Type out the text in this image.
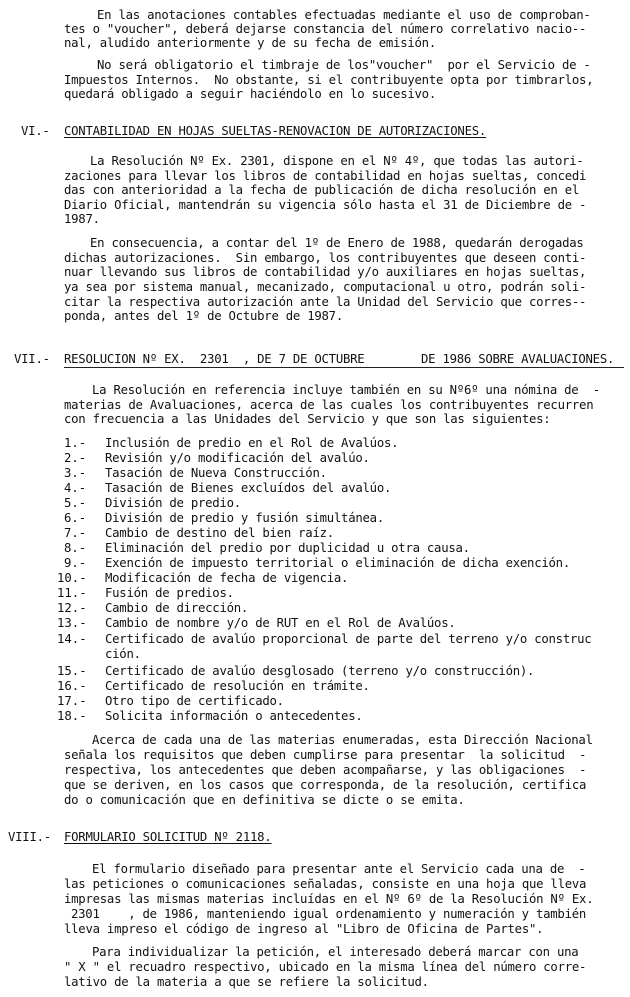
En las anotaciones contables efectuadas mediante el uso de comproban-
tes o "voucher", deberá dejarse constancia del número correlativo nacio--
nal, aludido anteriormente y de su fecha de emisión.
No será obligatorio el timbraje de los"voucher"  por el Servicio de -
Impuestos Internos.  No obstante, si el contribuyente opta por timbrarlos,
quedará obligado a seguir haciéndolo en lo sucesivo.
VI.- CONTABILIDAD EN HOJAS SUELTAS-RENOVACION DE AUTORIZACIONES.
La Resolución Nº Ex. 2301, dispone en el Nº 4º, que todas las autori-
zaciones para llevar los libros de contabilidad en hojas sueltas, concedi
das con anterioridad a la fecha de publicación de dicha resolución en el
Diario Oficial, mantendrán su vigencia sólo hasta el 31 de Diciembre de -
1987.
En consecuencia, a contar del 1º de Enero de 1988, quedarán derogadas
dichas autorizaciones.  Sin embargo, los contribuyentes que deseen conti-
nuar llevando sus libros de contabilidad y/o auxiliares en hojas sueltas,
ya sea por sistema manual, mecanizado, computacional u otro, podrán soli-
citar la respectiva autorización ante la Unidad del Servicio que corres--
ponda, antes del 1º de Octubre de 1987.
VII.- RESOLUCION Nº EX.  2301  , DE 7 DE OCTUBRE	DE 1986 SOBRE AVALUACIONES.
La Resolución en referencia incluye también en su Nº6º una nómina de  -
materias de Avaluaciones, acerca de las cuales los contribuyentes recurren
con frecuencia a las Unidades del Servicio y que son las siguientes:
1.- Inclusión de predio en el Rol de Avalúos.
2.- Revisión y/o modificación del avalúo.
3.- Tasación de Nueva Construcción.
4.- Tasación de Bienes excluídos del avalúo.
5.- División de predio.
6.- División de predio y fusión simultánea.
7.- Cambio de destino del bien raíz.
8.- Eliminación del predio por duplicidad u otra causa.
9.- Exención de impuesto territorial o eliminación de dicha exención.
10.- Modificación de fecha de vigencia.
11.- Fusión de predios.
12.- Cambio de dirección.
13.- Cambio de nombre y/o de RUT en el Rol de Avalúos.
14.- Certificado de avalúo proporcional de parte del terreno y/o construc
ción.
15.- Certificado de avalúo desglosado (terreno y/o construcción).
16.- Certificado de resolución en trámite.
17.- Otro tipo de certificado.
18.- Solicita información o antecedentes.
Acerca de cada una de las materias enumeradas, esta Dirección Nacional
señala los requisitos que deben cumplirse para presentar  la solicitud  -
respectiva, los antecedentes que deben acompañarse, y las obligaciones  -
que se deriven, en los casos que corresponda, de la resolución, certifica
do o comunicación que en definitiva se dicte o se emita.
VIII.- FORMULARIO SOLICITUD Nº 2118.
El formulario diseñado para presentar ante el Servicio cada una de  -
las peticiones o comunicaciones señaladas, consiste en una hoja que lleva
impresas las mismas materias incluídas en el Nº 6º de la Resolución Nº Ex.
2301    , de 1986, manteniendo igual ordenamiento y numeración y también
lleva impreso el código de ingreso al "Libro de Oficina de Partes".
Para individualizar la petición, el interesado deberá marcar con una
" X " el recuadro respectivo, ubicado en la misma línea del número corre-
lativo de la materia a que se refiere la solicitud.
